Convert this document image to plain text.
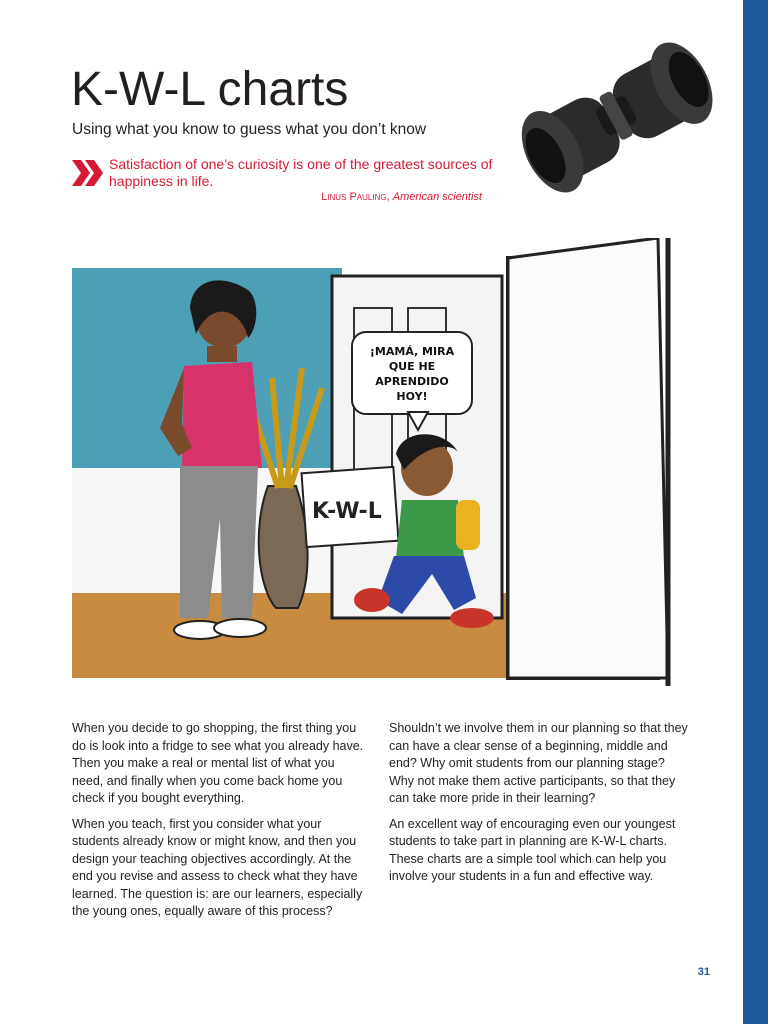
K-W-L charts

Using what you know to guess what you don’t know

Satisfaction of one’s curiosity is one of the greatest sources of happiness in life.
Linus Pauling, American scientist
K-W-L
¡MAMÁ, MIRA
QUE HE
APRENDIDO
HOY!

When you decide to go shopping, the first thing you do is look into a fridge to see what you already have. Then you make a real or mental list of what you need, and finally when you come back home you check if you bought everything.

When you teach, first you consider what your students already know or might know, and then you design your teaching objectives accordingly. At the end you revise and assess to check what they have learned. The question is: are our learners, especially the young ones, equally aware of this process?

Shouldn’t we involve them in our planning so that they can have a clear sense of a beginning, middle and end? Why omit students from our planning stage? Why not make them active participants, so that they can take more pride in their learning?

An excellent way of encouraging even our youngest students to take part in planning are K-W-L charts. These charts are a simple tool which can help you involve your students in a fun and effective way.

31
